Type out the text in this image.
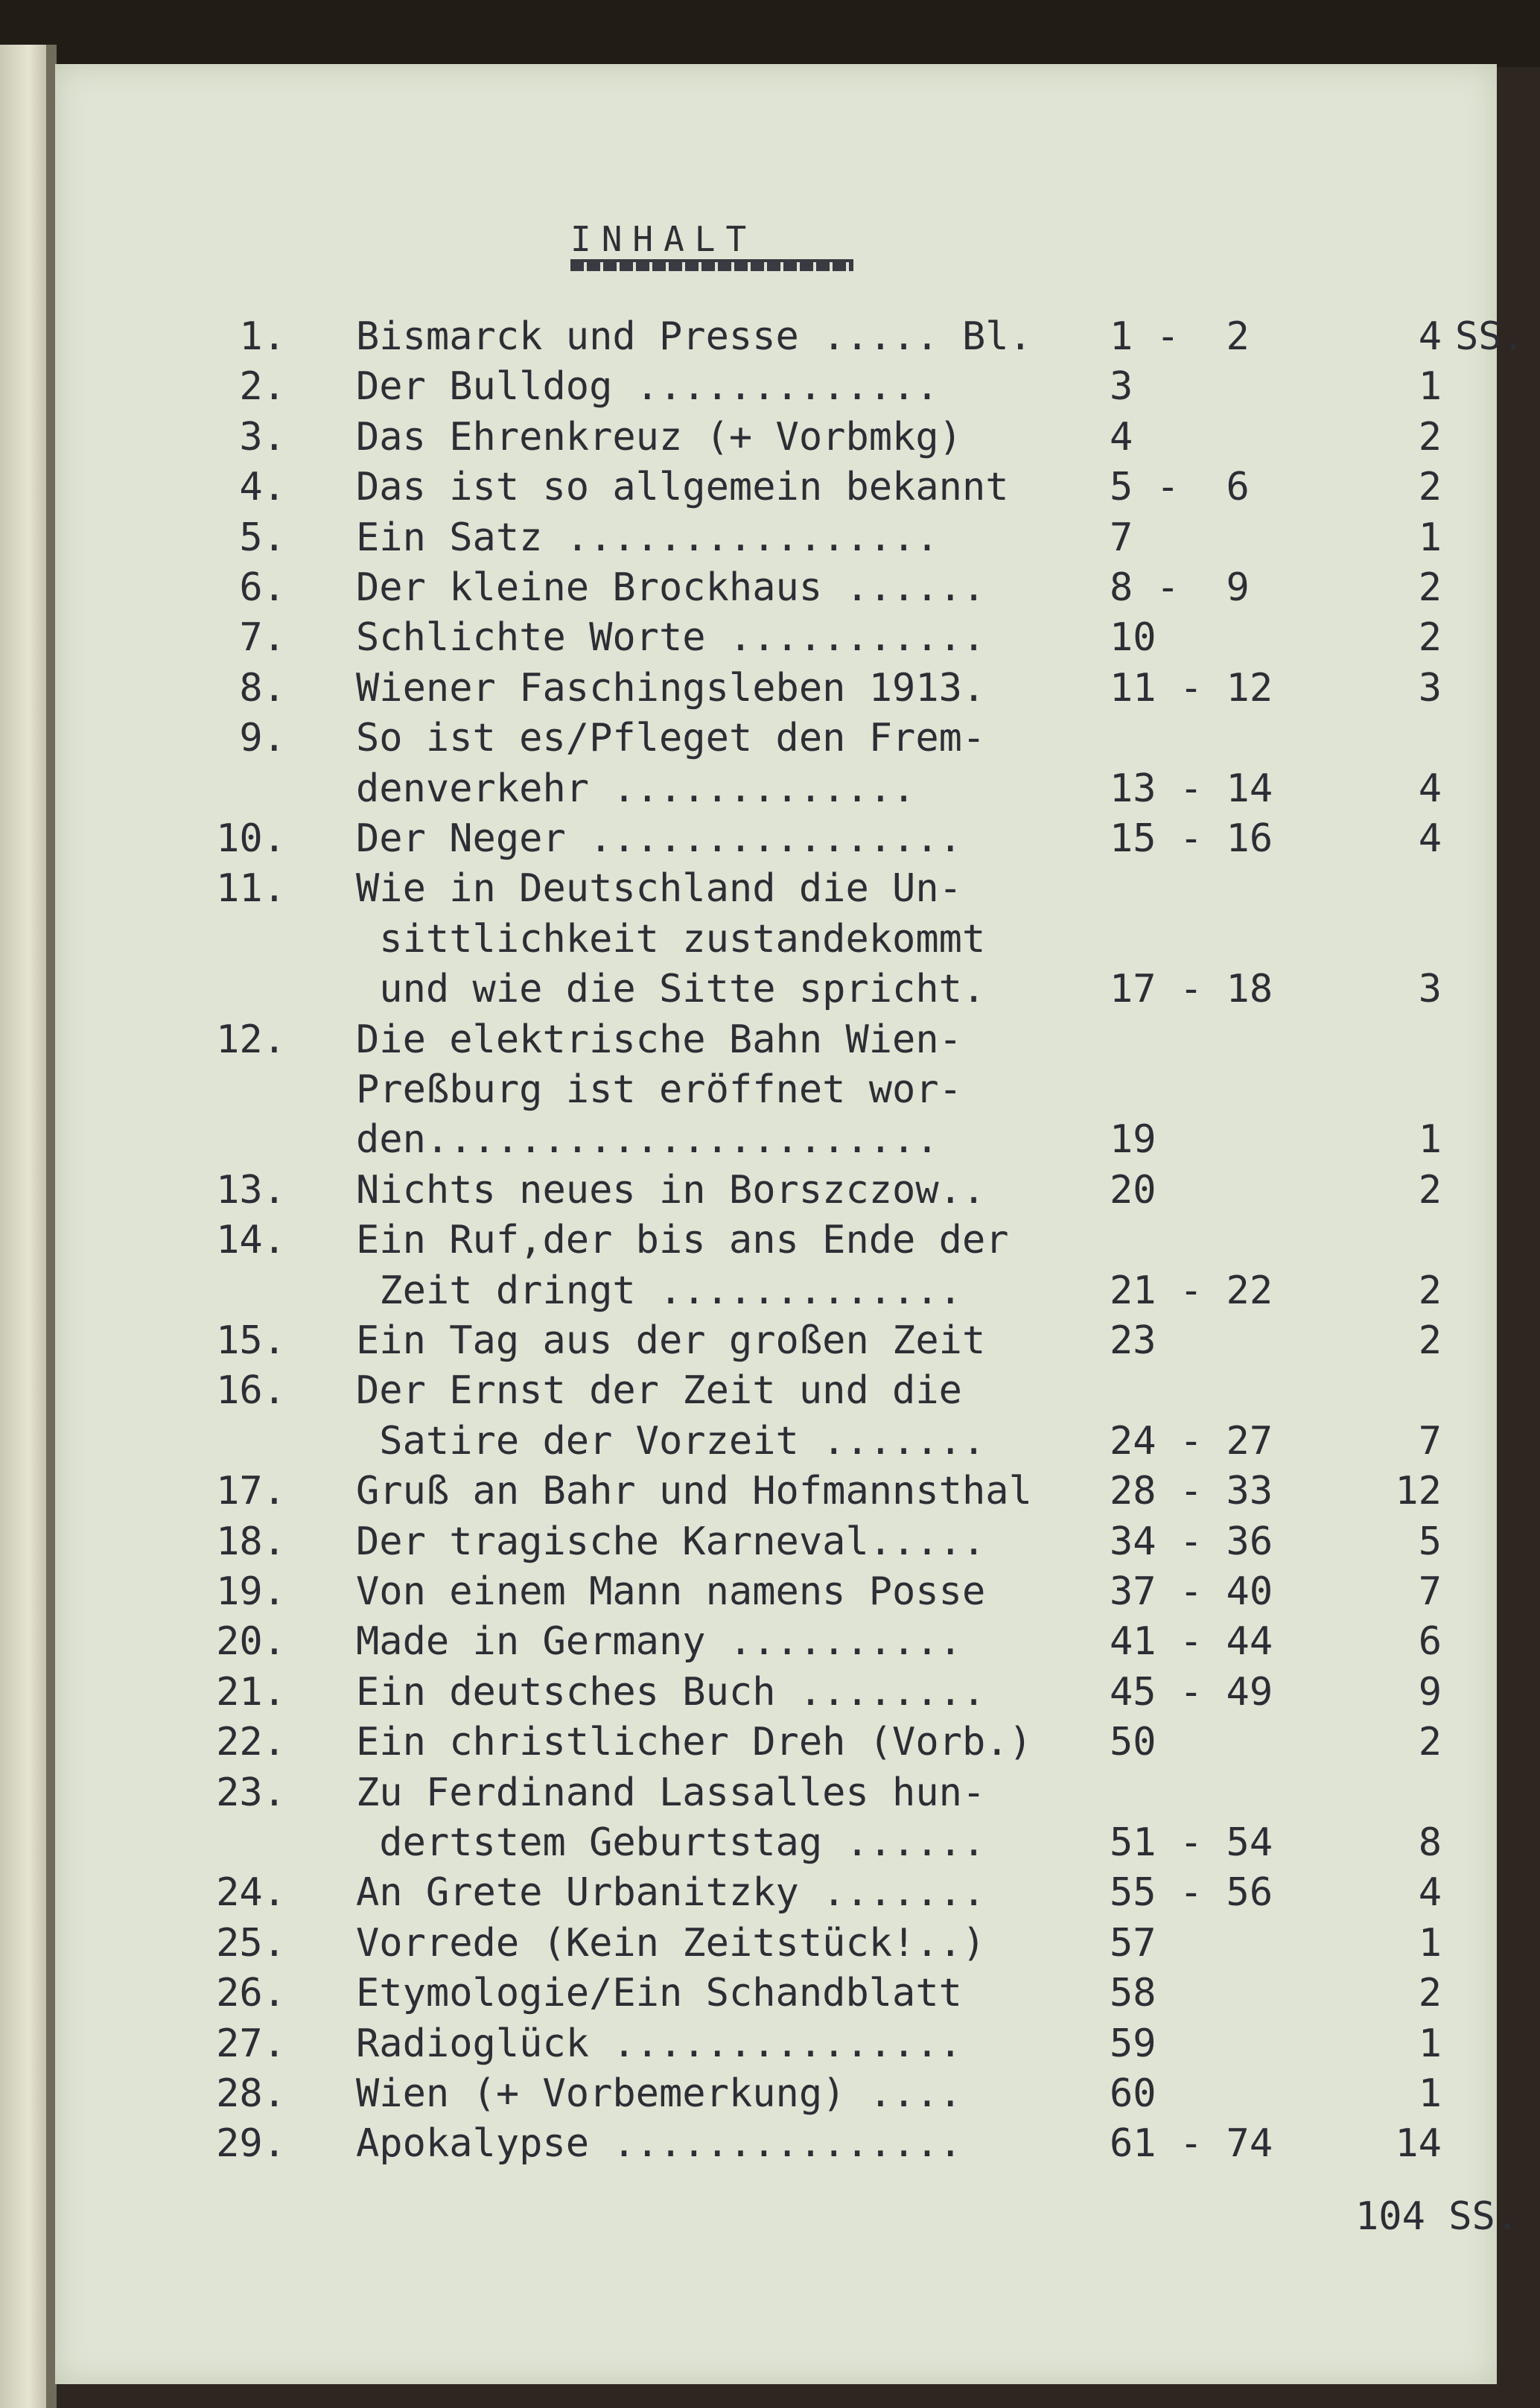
INHALT
1. Bismarck und Presse ..... Bl. 1 -  2	4 SS.
2. Der Bulldog .............	3	1
3. Das Ehrenkreuz (+ Vorbmkg)	4	2
4. Das ist so allgemein bekannt	5 -  6	2
5. Ein Satz ................	7	1
6. Der kleine Brockhaus ......	8 -  9	2
7. Schlichte Worte ...........	10	2
8. Wiener Faschingsleben 1913.	11 - 12	3
9. So ist es/Pfleget den Frem-
denverkehr .............	13 - 14	4
10. Der Neger ................	15 - 16	4
11. Wie in Deutschland die Un-
sittlichkeit zustandekommt
und wie die Sitte spricht.	17 - 18	3
12. Die elektrische Bahn Wien-
Preßburg ist eröffnet wor-
den......................	19	1
13. Nichts neues in Borszczow..	20	2
14. Ein Ruf,der bis ans Ende der
Zeit dringt .............	21 - 22	2
15. Ein Tag aus der großen Zeit	23	2
16. Der Ernst der Zeit und die
Satire der Vorzeit .......	24 - 27	7
17. Gruß an Bahr und Hofmannsthal 28 - 33	12
18. Der tragische Karneval.....	34 - 36	5
19. Von einem Mann namens Posse	37 - 40	7
20. Made in Germany ..........	41 - 44	6
21. Ein deutsches Buch ........	45 - 49	9
22. Ein christlicher Dreh (Vorb.) 50	2
23. Zu Ferdinand Lassalles hun-
dertstem Geburtstag ......	51 - 54	8
24. An Grete Urbanitzky .......	55 - 56	4
25. Vorrede (Kein Zeitstück!..)	57	1
26. Etymologie/Ein Schandblatt	58	2
27. Radioglück ...............	59	1
28. Wien (+ Vorbemerkung) ....	60	1
29. Apokalypse ...............	61 - 74	14
104 SS.
